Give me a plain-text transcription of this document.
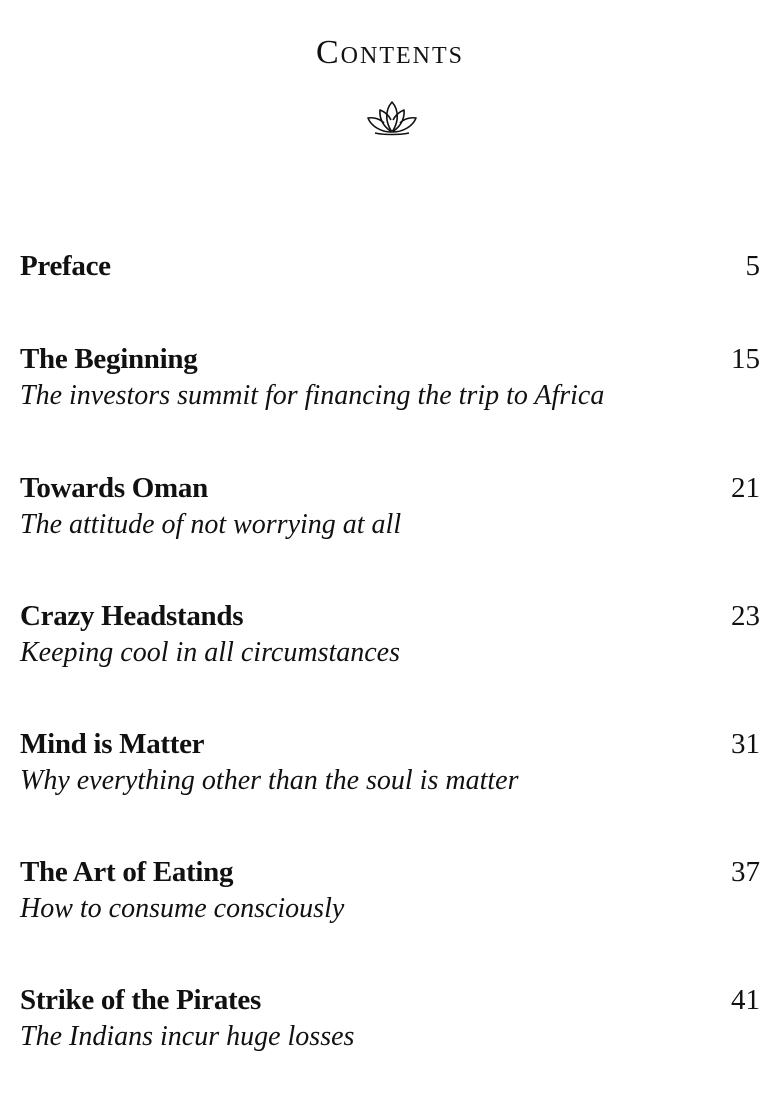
Contents
Preface	5
The Beginning	15
The investors summit for financing the trip to Africa
Towards Oman	21
The attitude of not worrying at all
Crazy Headstands	23
Keeping cool in all circumstances
Mind is Matter	31
Why everything other than the soul is matter
The Art of Eating	37
How to consume consciously
Strike of the Pirates	41
The Indians incur huge losses
